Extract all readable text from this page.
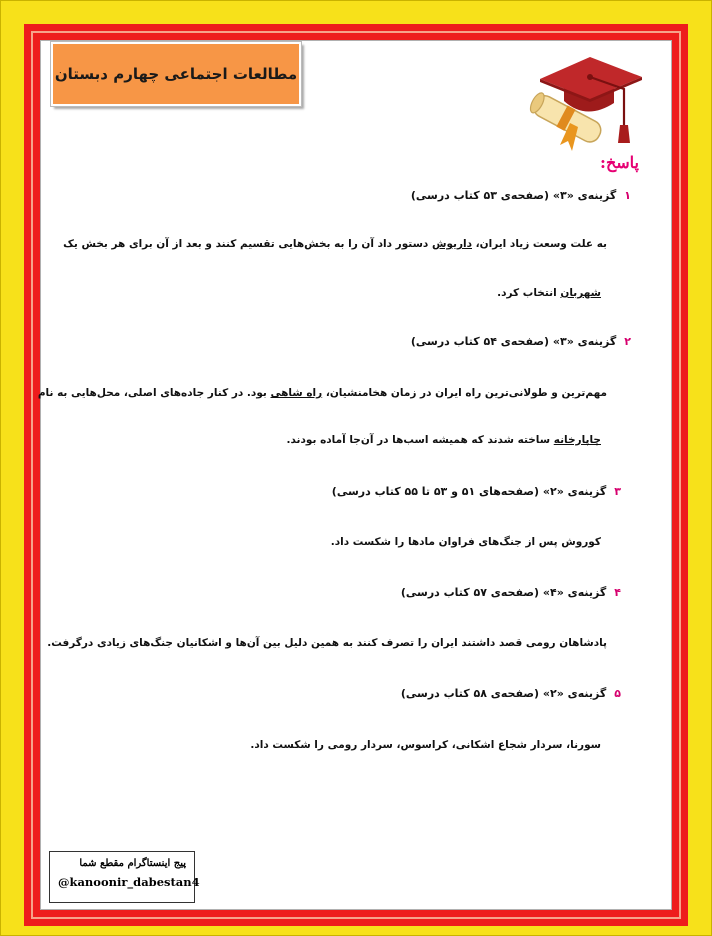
مطالعات اجتماعی چهارم دبستان
پاسخ:
۱گزینه‌ی «۳» (صفحه‌ی ۵۳ کتاب درسی)
به علت وسعت زیاد ایران، داریوش دستور داد آن را به بخش‌هایی تقسیم کنند و بعد از آن برای هر بخش یک
شهربان انتخاب کرد.
۲گزینه‌ی «۳» (صفحه‌ی ۵۴ کتاب درسی)
مهم‌ترین و طولانی‌ترین راه ایران در زمان هخامنشیان، راه شاهی بود. در کنار جاده‌های اصلی، محل‌هایی به نام
چاپارخانه ساخته شدند که همیشه اسب‌ها در آن‌جا آماده بودند.
۳گزینه‌ی «۲» (صفحه‌های ۵۱ و ۵۳ تا ۵۵ کتاب درسی)
کوروش پس از جنگ‌های فراوان مادها را شکست داد.
۴گزینه‌ی «۴» (صفحه‌ی ۵۷ کتاب درسی)
پادشاهان رومی قصد داشتند ایران را تصرف کنند به همین دلیل بین آن‌ها و اشکانیان جنگ‌های زیادی درگرفت.
۵گزینه‌ی «۲» (صفحه‌ی ۵۸ کتاب درسی)
سورنا، سردار شجاع اشکانی، کراسوس، سردار رومی را شکست داد.
پیج اینستاگرام مقطع شما
@kanoonir_dabestan4
